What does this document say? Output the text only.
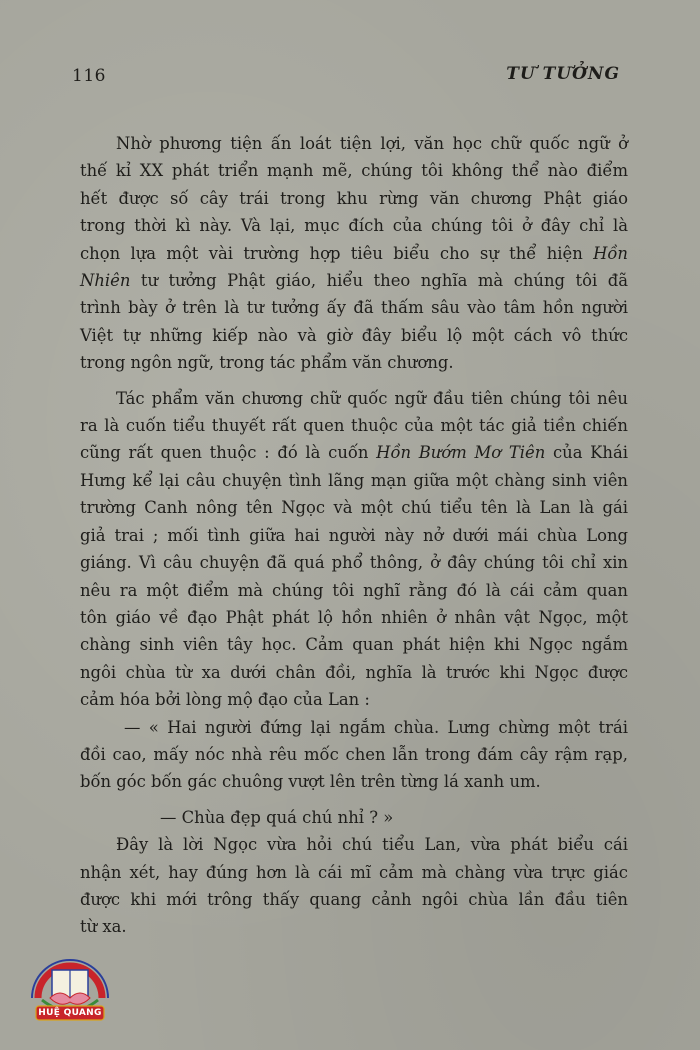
116	TƯ TƯỞNG
Nhờ phương tiện ấn loát tiện lợi, văn học chữ quốc ngữ ở
thế kỉ XX phát triển mạnh mẽ, chúng tôi không thể nào điểm
hết được số cây trái trong khu rừng văn chương Phật giáo
trong thời kì này. Và lại, mục đích của chúng tôi ở đây chỉ là
chọn lựa một vài trường hợp tiêu biểu cho sự thể hiện Hồn
Nhiên tư tưởng Phật giáo, hiểu theo nghĩa mà chúng tôi đã
trình bày ở trên là tư tưởng ấy đã thấm sâu vào tâm hồn người
Việt tự những kiếp nào và giờ đây biểu lộ một cách vô thức
trong ngôn ngữ, trong tác phẩm văn chương.
Tác phẩm văn chương chữ quốc ngữ đầu tiên chúng tôi nêu
ra là cuốn tiểu thuyết rất quen thuộc của một tác giả tiền chiến
cũng rất quen thuộc : đó là cuốn Hồn Bướm Mơ Tiên của Khái
Hưng kể lại câu chuyện tình lãng mạn giữa một chàng sinh viên
trường Canh nông tên Ngọc và một chú tiểu tên là Lan là gái
giả trai ; mối tình giữa hai người này nở dưới mái chùa Long
giáng. Vì câu chuyện đã quá phổ thông, ở đây chúng tôi chỉ xin
nêu ra một điểm mà chúng tôi nghĩ rằng đó là cái cảm quan
tôn giáo về đạo Phật phát lộ hồn nhiên ở nhân vật Ngọc, một
chàng sinh viên tây học. Cảm quan phát hiện khi Ngọc ngắm
ngôi chùa từ xa dưới chân đồi, nghĩa là trước khi Ngọc được
cảm hóa bởi lòng mộ đạo của Lan :
— « Hai người đứng lại ngắm chùa. Lưng chừng một trái
đồi cao, mấy nóc nhà rêu mốc chen lẫn trong đám cây rậm rạp,
bốn góc bốn gác chuông vượt lên trên từng lá xanh um.
— Chùa đẹp quá chú nhỉ ? »
Đây là lời Ngọc vừa hỏi chú tiểu Lan, vừa phát biểu cái
nhận xét, hay đúng hơn là cái mĩ cảm mà chàng vừa trực giác
được khi mới trông thấy quang cảnh ngôi chùa lần đầu tiên
từ xa.
HUỆ QUANG
